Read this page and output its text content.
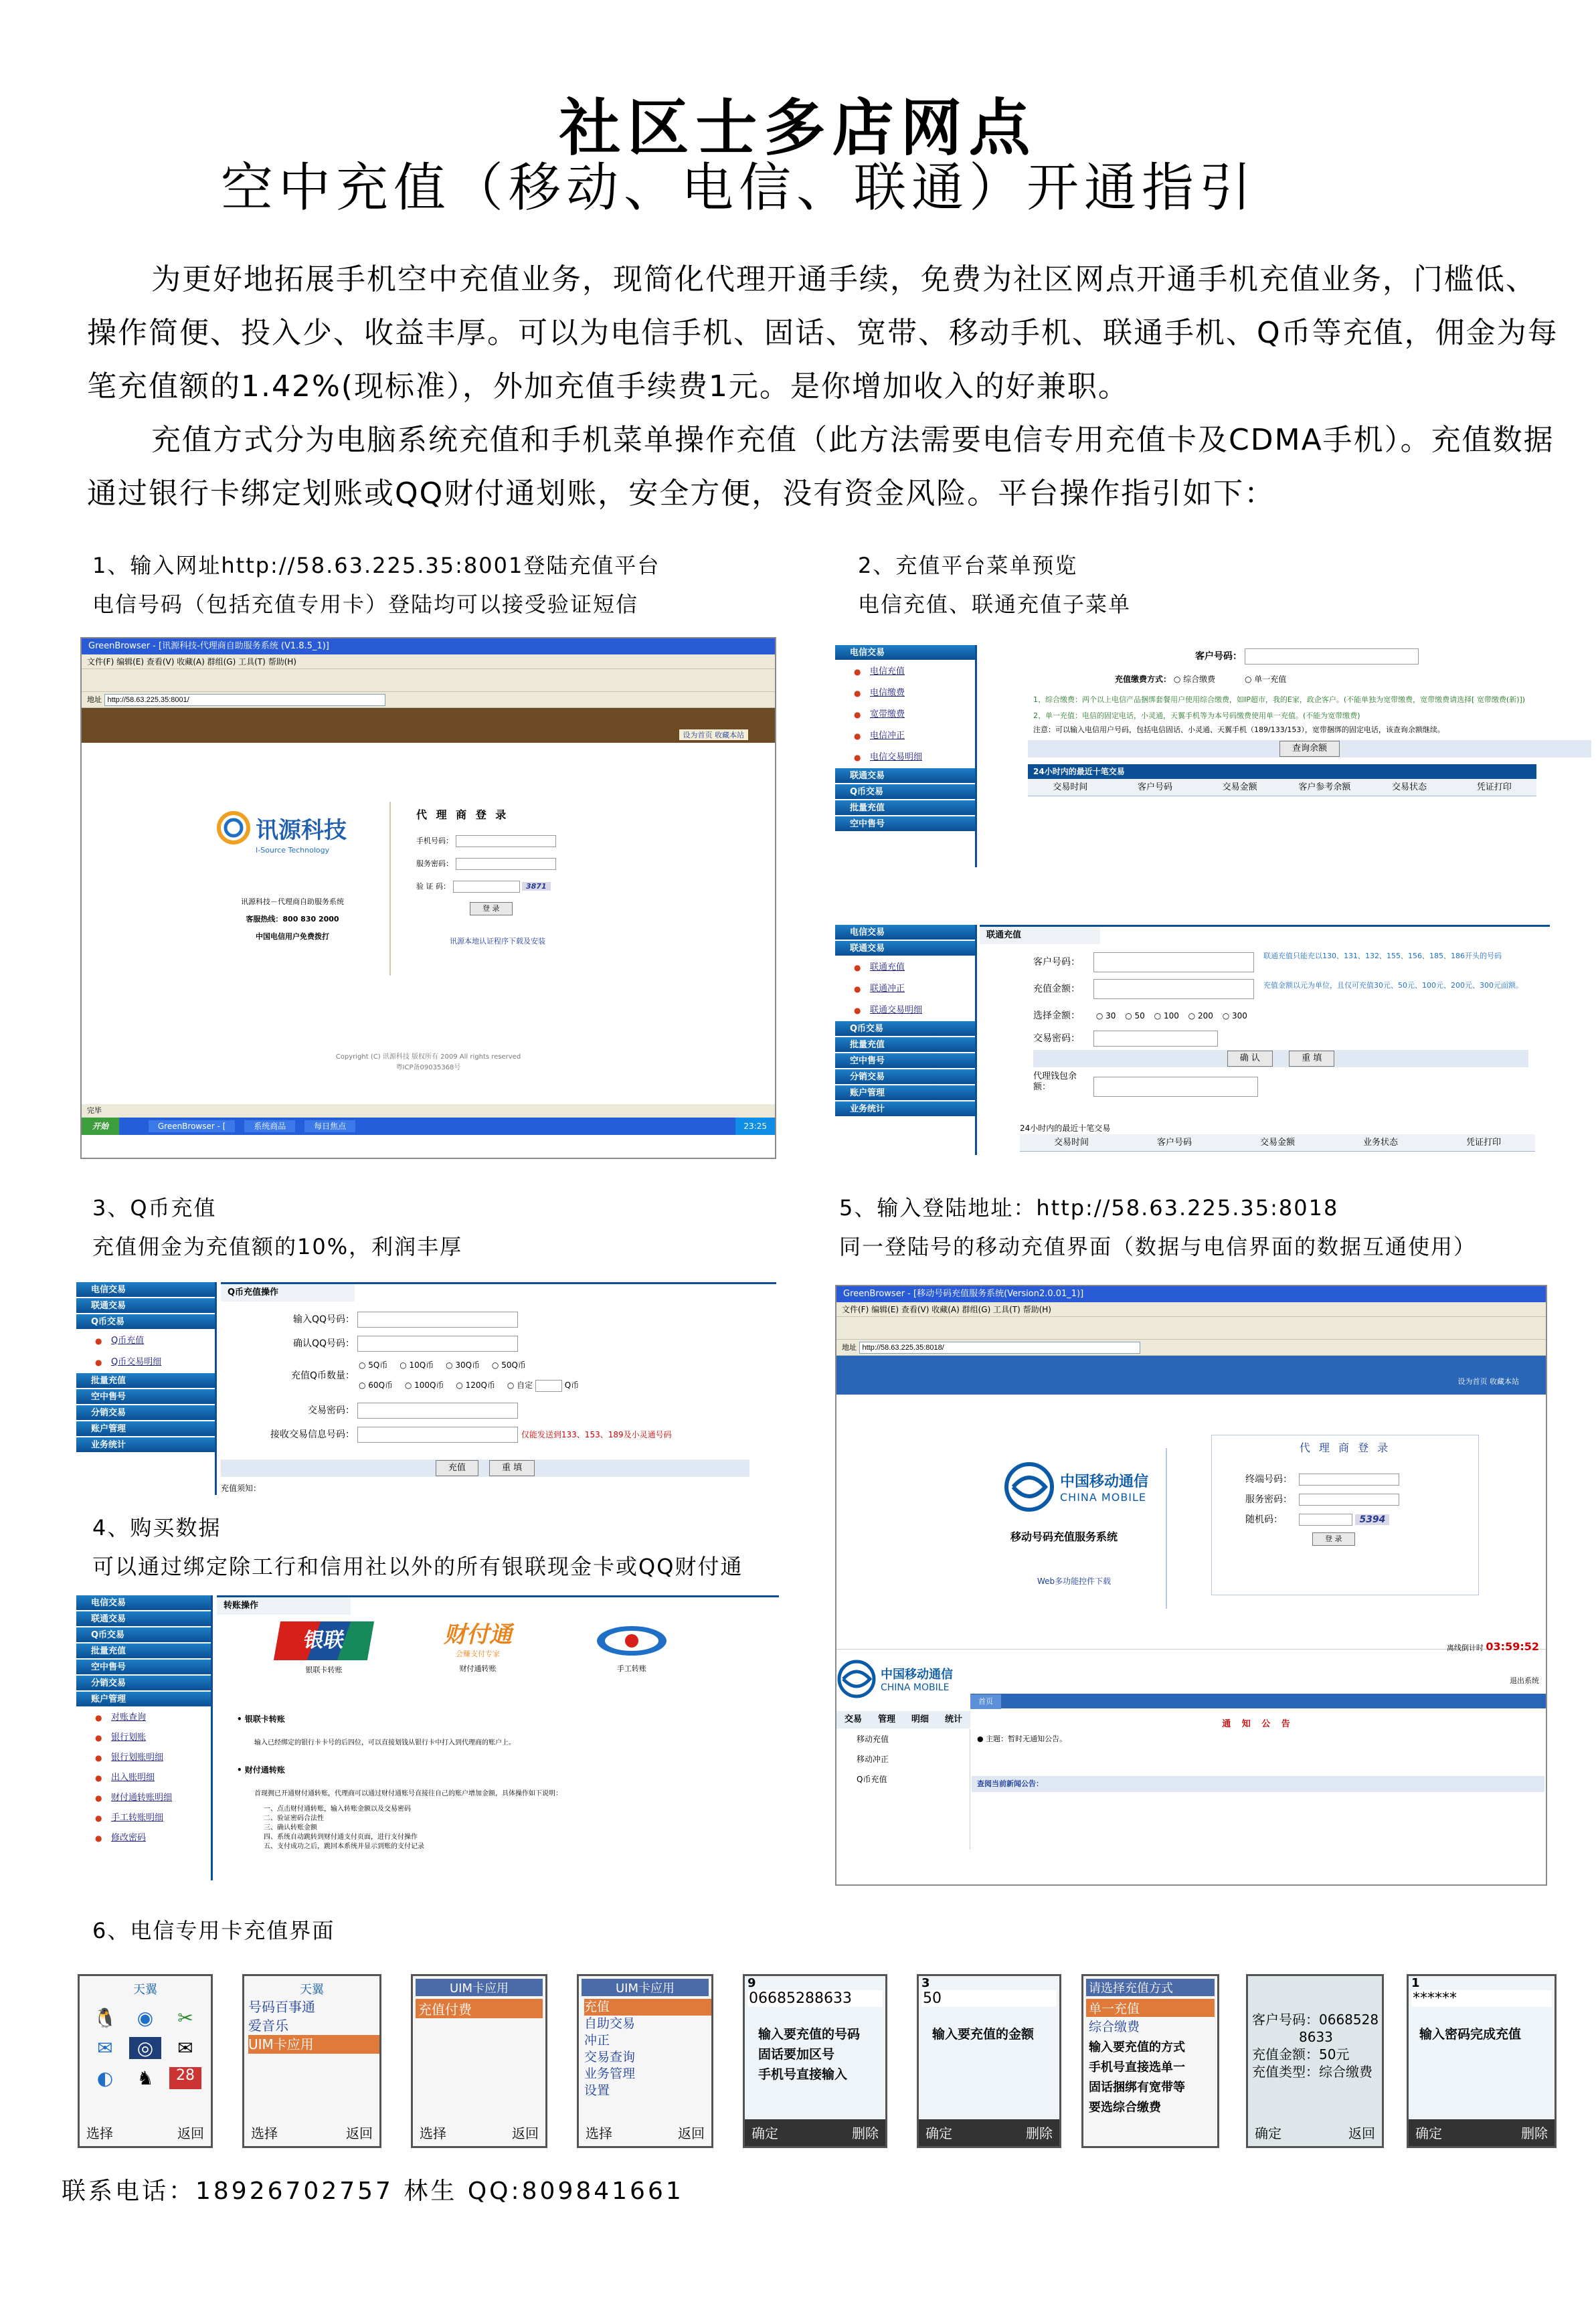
社区士多店网点
空中充值（移动、电信、联通）开通指引

为更好地拓展手机空中充值业务，现简化代理开通手续，免费为社区网点开通手机充值业务，门槛低、操作简便、投入少、收益丰厚。可以为电信手机、固话、宽带、移动手机、联通手机、Q币等充值，佣金为每笔充值额的1.42%(现标准），外加充值手续费1元。是你增加收入的好兼职。

充值方式分为电脑系统充值和手机菜单操作充值（此方法需要电信专用充值卡及CDMA手机）。充值数据通过银行卡绑定划账或QQ财付通划账，安全方便，没有资金风险。平台操作指引如下：

1、输入网址http://58.63.225.35:8001登陆充值平台
电信号码（包括充值专用卡）登陆均可以接受验证短信
GreenBrowser - [讯源科技-代理商自助服务系统 (V1.8.5_1)]
文件(F) 编辑(E) 查看(V) 收藏(A) 群组(G) 工具(T) 帮助(H)
地址 http://58.63.225.35:8001/
设为首页 收藏本站
讯源科技
I-Source Technology
讯源科技－代理商自助服务系统
客服热线：800 830 2000
中国电信用户免费拨打
代 理 商 登 录
手机号码：
服务密码：
验 证 码：	3871
登 录
讯源本地认证程序下载及安装
Copyright (C) 讯源科技 版权所有 2009 All rights reserved
粤ICP备09035368号
完毕
开始	GreenBrowser - [	系统商品	每日焦点	23:25
2、充值平台菜单预览
电信充值、联通充值子菜单
电信交易
● 电信充值
● 电信缴费
● 宽带缴费
● 电信冲正
● 电信交易明细
联通交易
Q币交易
批量充值
空中售号
客户号码：
充值缴费方式： ○ 综合缴费	○ 单一充值
1、综合缴费：两个以上电信产品捆绑套餐用户使用综合缴费，如IP超市，我的E家，政企客户。(不能单独为宽带缴费，宽带缴费请选择[ 宽带缴费(新)])
2、单一充值：电信的固定电话，小灵通，天翼手机等为本号码缴费使用单一充值。(不能为宽带缴费)
注意：可以输入电信用户号码，包括电信固话、小灵通、天翼手机（189/133/153），宽带捆绑的固定电话，该查询余额继续。
查询余额
24小时内的最近十笔交易
交易时间	客户号码	交易金额	客户参考余额	交易状态	凭证打印
电信交易
联通交易
● 联通充值
● 联通冲正
● 联通交易明细
Q币交易
批量充值
空中售号
分销交易
账户管理
业务统计
联通充值
客户号码：
联通充值只能充以130、131、132、155、156、185、186开头的号码
充值金额：	充值金额以元为单位，且仅可充值30元、50元、100元、200元、300元面额。
选择金额： ○ 30 ○ 50 ○ 100 ○ 200 ○ 300
交易密码：
确 认	重 填
代理钱包余额：
24小时内的最近十笔交易
交易时间	客户号码	交易金额	业务状态	凭证打印
3、Q币充值
充值佣金为充值额的10%，利润丰厚
电信交易
联通交易
Q币交易
● Q币充值
● Q币交易明细
批量充值
空中售号
分销交易
账户管理
业务统计
Q币充值操作
输入QQ号码：
确认QQ号码：
充值Q币数量：
○ 5Q币 ○ 10Q币 ○ 30Q币 ○ 50Q币
○ 60Q币 ○ 100Q币 ○ 120Q币 ○ 自定	Q币
交易密码：
接收交易信息号码：	仅能发送到133、153、189及小灵通号码
充值	重 填
充值须知：
4、购买数据
可以通过绑定除工行和信用社以外的所有银联现金卡或QQ财付通
电信交易
联通交易
Q币交易
批量充值
空中售号
分销交易
账户管理
● 对账查询
● 银行划账
● 银行划账明细
● 出入账明细
● 财付通转账明细
● 手工转账明细
● 修改密码
转账操作
银联
银联卡转账
财付通
会赚支付专家
财付通转账	手工转账
• 银联卡转账
输入已经绑定的银行卡卡号的后四位，可以直接划钱从银行卡中打入到代理商的账户上。
• 财付通转账
首现拥已开通财付通转账，代理商可以通过财付通账号直接往自己的账户增加金额，具体操作如下说明：
一、点击财付通转账，输入转账金额以及交易密码
二、验证密码合法性
三、确认转账金额
四、系统自动跳转到财付通支付页面，进行支付操作
五、支付成功之后，跳回本系统并显示到账的支付记录
5、输入登陆地址：http://58.63.225.35:8018
同一登陆号的移动充值界面（数据与电信界面的数据互通使用）
GreenBrowser - [移动号码充值服务系统(Version2.0.01_1)]
文件(F) 编辑(E) 查看(V) 收藏(A) 群组(G) 工具(T) 帮助(H)
地址 http://58.63.225.35:8018/
设为首页 收藏本站
中国移动通信
CHINA MOBILE
移动号码充值服务系统
Web多功能控件下载
代 理 商 登 录
终端号码：
服务密码：
随机码：	5394
登 录
中国移动通信
CHINA MOBILE
离线倒计时 03:59:52
退出系统
首页
交易	管理	明细	统计	通 知 公 告
移动充值
移动冲正
Q币充值
● 主题：暂时无通知公告。
查阅当前新闻公告：
6、电信专用卡充值界面
天翼
🐧	◉	✂
✉	◎	✉
◐	♞	28
选择	返回
天翼
号码百事通
爱音乐
UIM卡应用
选择	返回
UIM卡应用
充值付费
选择	返回
UIM卡应用
充值
自助交易
冲正
交易查询
业务管理
设置
选择	返回
9
06685288633
输入要充值的号码
固话要加区号
手机号直接输入
确定	删除
3
50
输入要充值的金额
确定	删除
请选择充值方式
单一充值
综合缴费
输入要充值的方式
手机号直接选单一
固话捆绑有宽带等
要选综合缴费
客户号码：0668528
8633
充值金额：50元
充值类型：综合缴费
确定	返回
1
******
输入密码完成充值
确定	删除
联系电话：18926702757 林生 QQ:809841661
